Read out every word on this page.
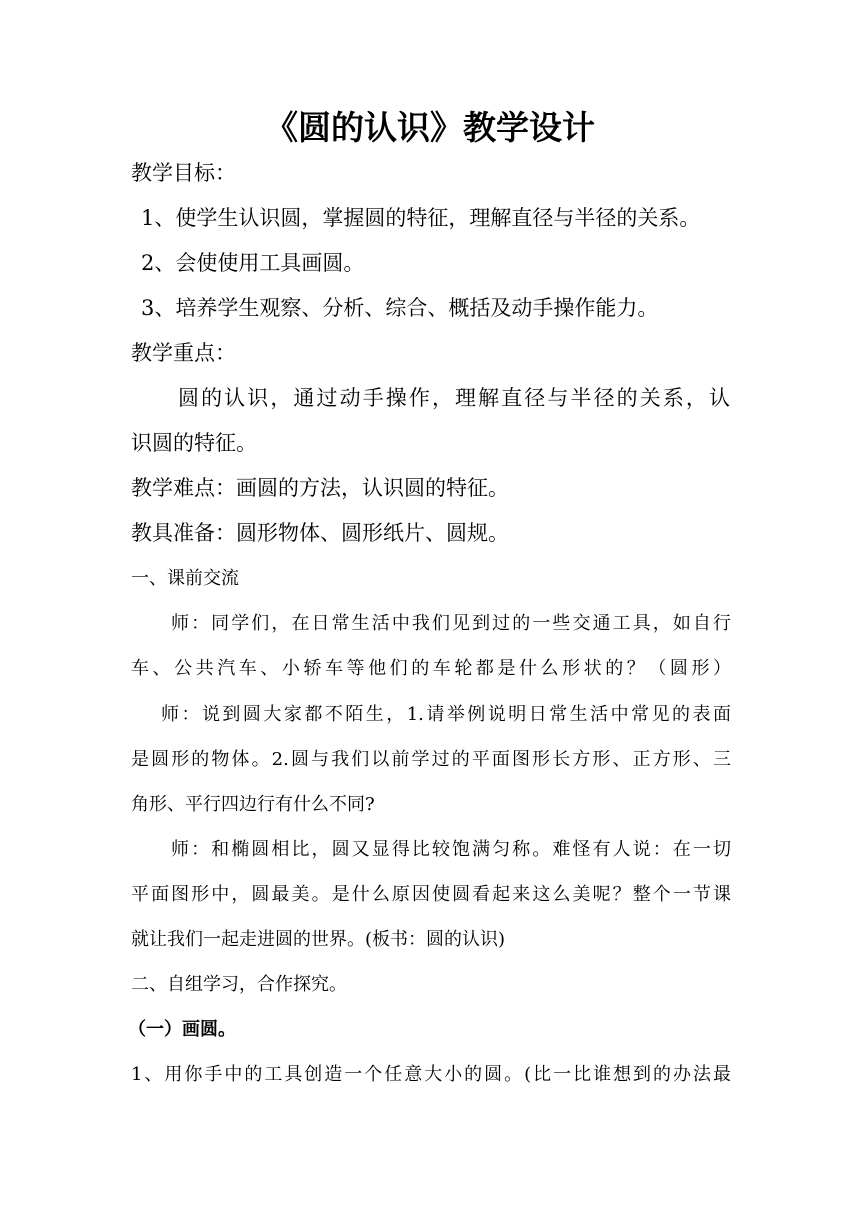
《圆的认识》教学设计
教学目标：
1、使学生认识圆，掌握圆的特征，理解直径与半径的关系。
2、会使使用工具画圆。
3、培养学生观察、分析、综合、概括及动手操作能力。
教学重点：
圆的认识，通过动手操作，理解直径与半径的关系，认
识圆的特征。
教学难点：画圆的方法，认识圆的特征。
教具准备：圆形物体、圆形纸片、圆规。
一、课前交流
师：同学们，在日常生活中我们见到过的一些交通工具，如自行
车、公共汽车、小轿车等他们的车轮都是什么形状的？（圆形）
师：说到圆大家都不陌生，1.请举例说明日常生活中常见的表面
是圆形的物体。2.圆与我们以前学过的平面图形长方形、正方形、三
角形、平行四边行有什么不同?
师：和椭圆相比，圆又显得比较饱满匀称。难怪有人说：在一切
平面图形中，圆最美。是什么原因使圆看起来这么美呢？整个一节课
就让我们一起走进圆的世界。(板书：圆的认识)
二、自组学习，合作探究。
（一）画圆。
1、用你手中的工具创造一个任意大小的圆。(比一比谁想到的办法最
